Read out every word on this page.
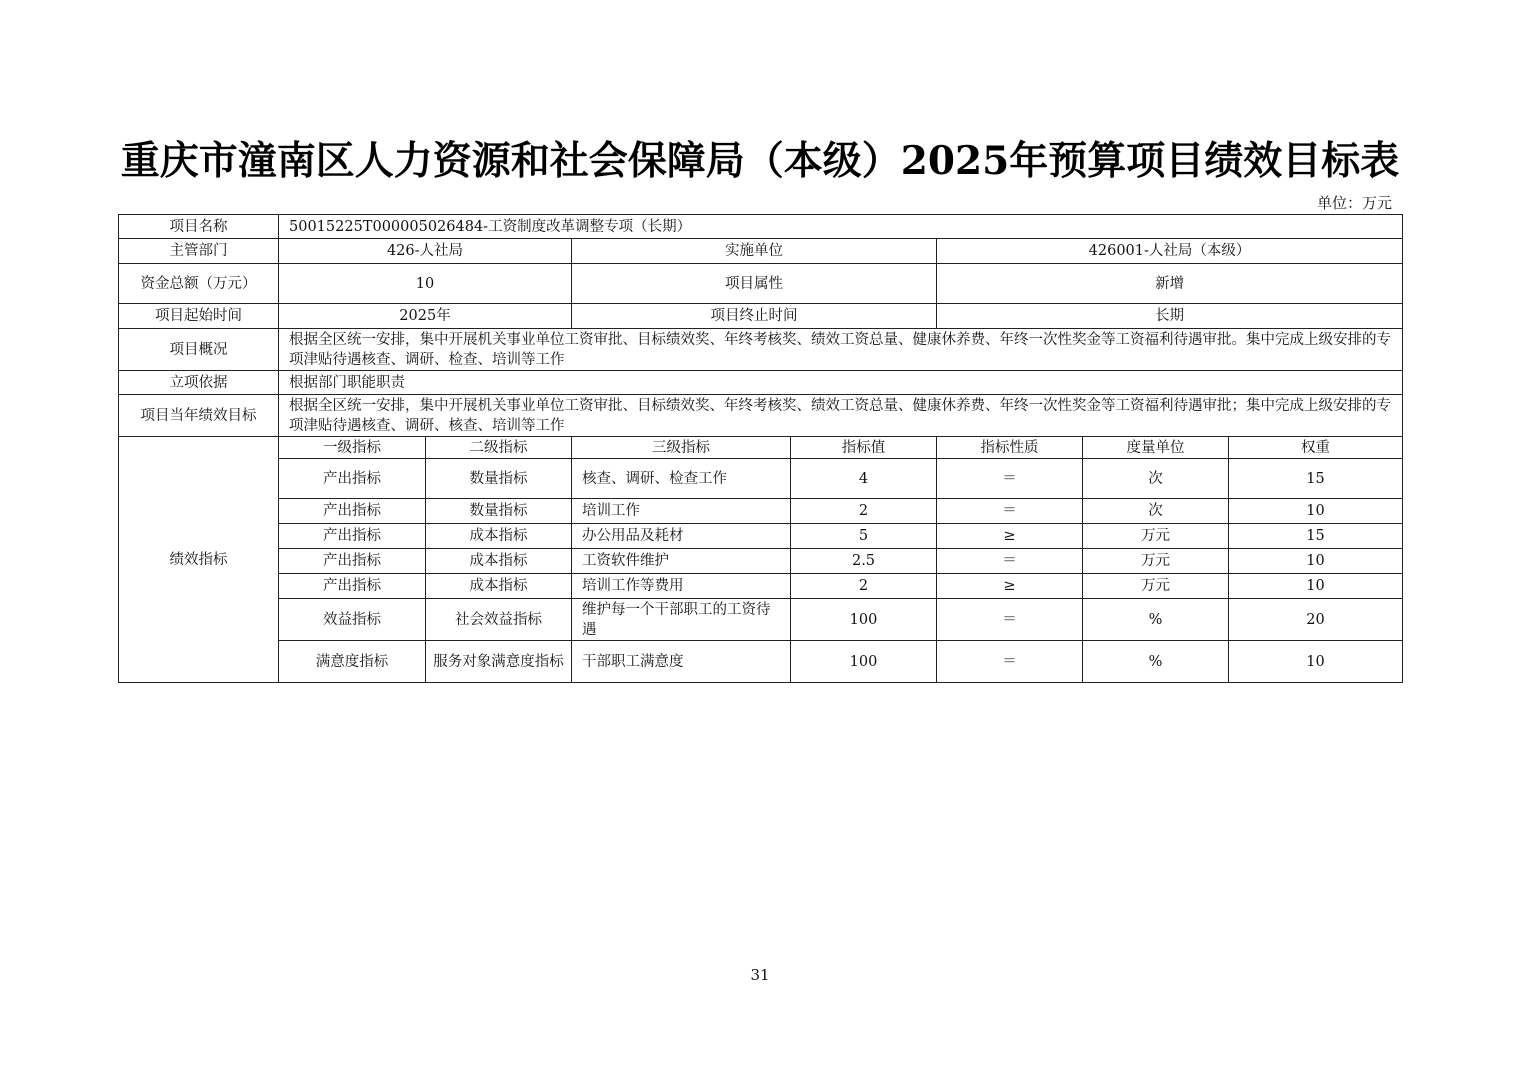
重庆市潼南区人力资源和社会保障局（本级）2025年预算项目绩效目标表
单位：万元
项目名称	50015225T000005026484-工资制度改革调整专项（长期）						
主管部门	426-人社局		实施单位		426001-人社局（本级）		
资金总额（万元）	10		项目属性		新增		
项目起始时间	2025年		项目终止时间		长期		
项目概况	根据全区统一安排，集中开展机关事业单位工资审批、目标绩效奖、年终考核奖、绩效工资总量、健康休养费、年终一次性奖金等工资福利待遇审批。集中完成上级安排的专项津贴待遇核查、调研、检查、培训等工作						
立项依据	根据部门职能职责						
项目当年绩效目标	根据全区统一安排，集中开展机关事业单位工资审批、目标绩效奖、年终考核奖、绩效工资总量、健康休养费、年终一次性奖金等工资福利待遇审批；集中完成上级安排的专项津贴待遇核查、调研、核查、培训等工作						
绩效指标	一级指标	二级指标	三级指标	指标值	指标性质	度量单位	权重
	产出指标	数量指标	核查、调研、检查工作	4	＝	次	15
	产出指标	数量指标	培训工作	2	＝	次	10
	产出指标	成本指标	办公用品及耗材	5	≥	万元	15
	产出指标	成本指标	工资软件维护	2.5	＝	万元	10
	产出指标	成本指标	培训工作等费用	2	≥	万元	10
	效益指标	社会效益指标	维护每一个干部职工的工资待遇	100	＝	%	20
	满意度指标	服务对象满意度指标	干部职工满意度	100	＝	%	10
31
